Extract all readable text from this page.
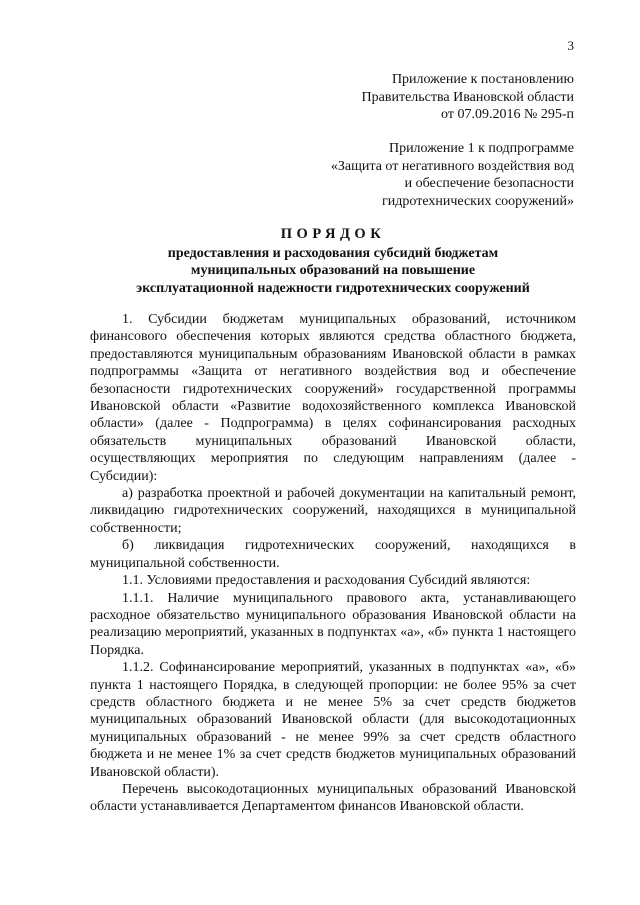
3
Приложение к постановлению
Правительства Ивановской области
от 07.09.2016 № 295-п
Приложение 1 к подпрограмме
«Защита от негативного воздействия вод
и обеспечение безопасности
гидротехнических сооружений»
ПОРЯДОК
предоставления и расходования субсидий бюджетам
муниципальных образований на повышение
эксплуатационной надежности гидротехнических сооружений

1. Субсидии бюджетам муниципальных образований, источником финансового обеспечения которых являются средства областного бюджета, предоставляются муниципальным образованиям Ивановской области в рамках подпрограммы «Защита от негативного воздействия вод и обеспечение безопасности гидротехнических сооружений» государственной программы Ивановской области «Развитие водохозяйственного комплекса Ивановской области» (далее - Подпрограмма) в целях софинансирования расходных обязательств муниципальных образований Ивановской области, осуществляющих мероприятия по следующим направлениям (далее - Субсидии):

а) разработка проектной и рабочей документации на капитальный ремонт, ликвидацию гидротехнических сооружений, находящихся в муниципальной собственности;

б) ликвидация гидротехнических сооружений, находящихся в муниципальной собственности.

1.1. Условиями предоставления и расходования Субсидий являются:

1.1.1. Наличие муниципального правового акта, устанавливающего расходное обязательство муниципального образования Ивановской области на реализацию мероприятий, указанных в подпунктах «а», «б» пункта 1 настоящего Порядка.

1.1.2. Софинансирование мероприятий, указанных в подпунктах «а», «б» пункта 1 настоящего Порядка, в следующей пропорции: не более 95% за счет средств областного бюджета и не менее 5% за счет средств бюджетов муниципальных образований Ивановской области (для высокодотационных муниципальных образований - не менее 99% за счет средств областного бюджета и не менее 1% за счет средств бюджетов муниципальных образований Ивановской области).

Перечень высокодотационных муниципальных образований Ивановской области устанавливается Департаментом финансов Ивановской области.
